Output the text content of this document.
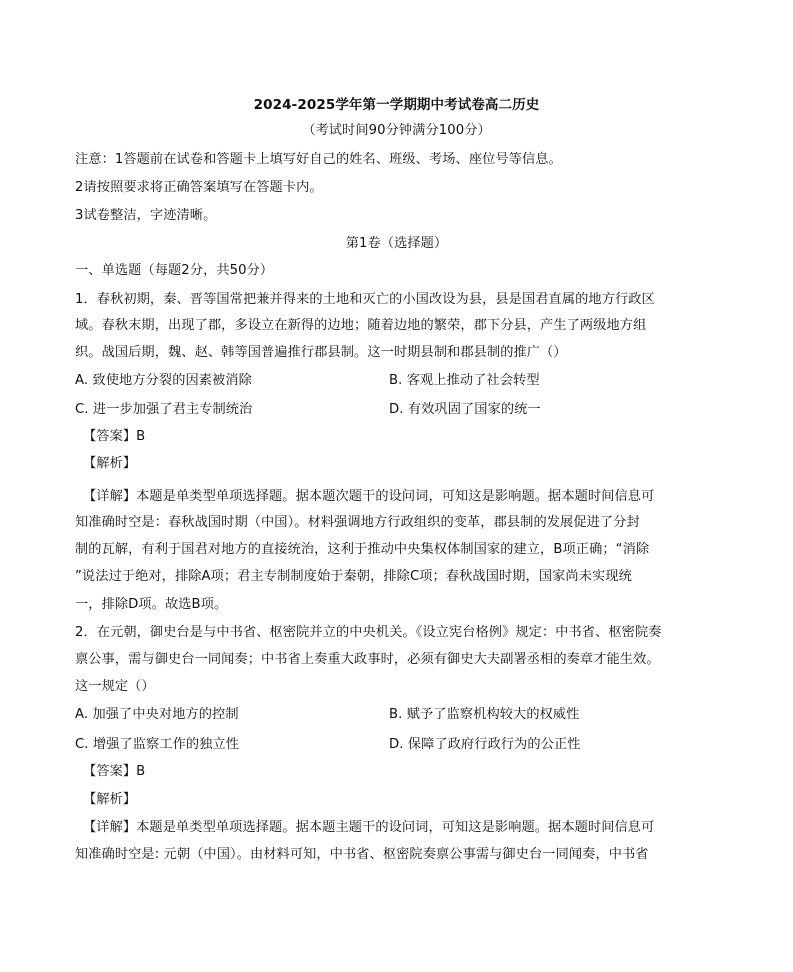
2024-2025学年第一学期期中考试卷高二历史
（考试时间90分钟满分100分）
注意：1答题前在试卷和答题卡上填写好自己的姓名、班级、考场、座位号等信息。
2请按照要求将正确答案填写在答题卡内。
3试卷整洁，字迹清晰。
第1卷（选择题）
一、单选题（每题2分，共50分）
1．春秋初期，秦、晋等国常把兼并得来的土地和灭亡的小国改设为县，县是国君直属的地方行政区
域。春秋末期，出现了郡，多设立在新得的边地；随着边地的繁荣，郡下分县，产生了两级地方组
织。战国后期，魏、赵、韩等国普遍推行郡县制。这一时期县制和郡县制的推广（）
A. 致使地方分裂的因素被消除	B. 客观上推动了社会转型
C. 进一步加强了君主专制统治	D. 有效巩固了国家的统一
【答案】B
【解析】
【详解】本题是单类型单项选择题。据本题次题干的设问词，可知这是影响题。据本题时间信息可
知准确时空是：春秋战国时期（中国）。材料强调地方行政组织的变革，郡县制的发展促进了分封
制的瓦解，有利于国君对地方的直接统治，这利于推动中央集权体制国家的建立，B项正确；“消除
”说法过于绝对，排除A项；君主专制制度始于秦朝，排除C项；春秋战国时期，国家尚未实现统
一，排除D项。故选B项。
2．在元朝，御史台是与中书省、枢密院并立的中央机关。《设立宪台格例》规定：中书省、枢密院奏
禀公事，需与御史台一同闻奏；中书省上奏重大政事时，必须有御史大夫副署丞相的奏章才能生效。
这一规定（）
A. 加强了中央对地方的控制	B. 赋予了监察机构较大的权威性
C. 增强了监察工作的独立性	D. 保障了政府行政行为的公正性
【答案】B
【解析】
【详解】本题是单类型单项选择题。据本题主题干的设问词，可知这是影响题。据本题时间信息可
知准确时空是: 元朝（中国）。由材料可知，中书省、枢密院奏禀公事需与御史台一同闻奏，中书省
